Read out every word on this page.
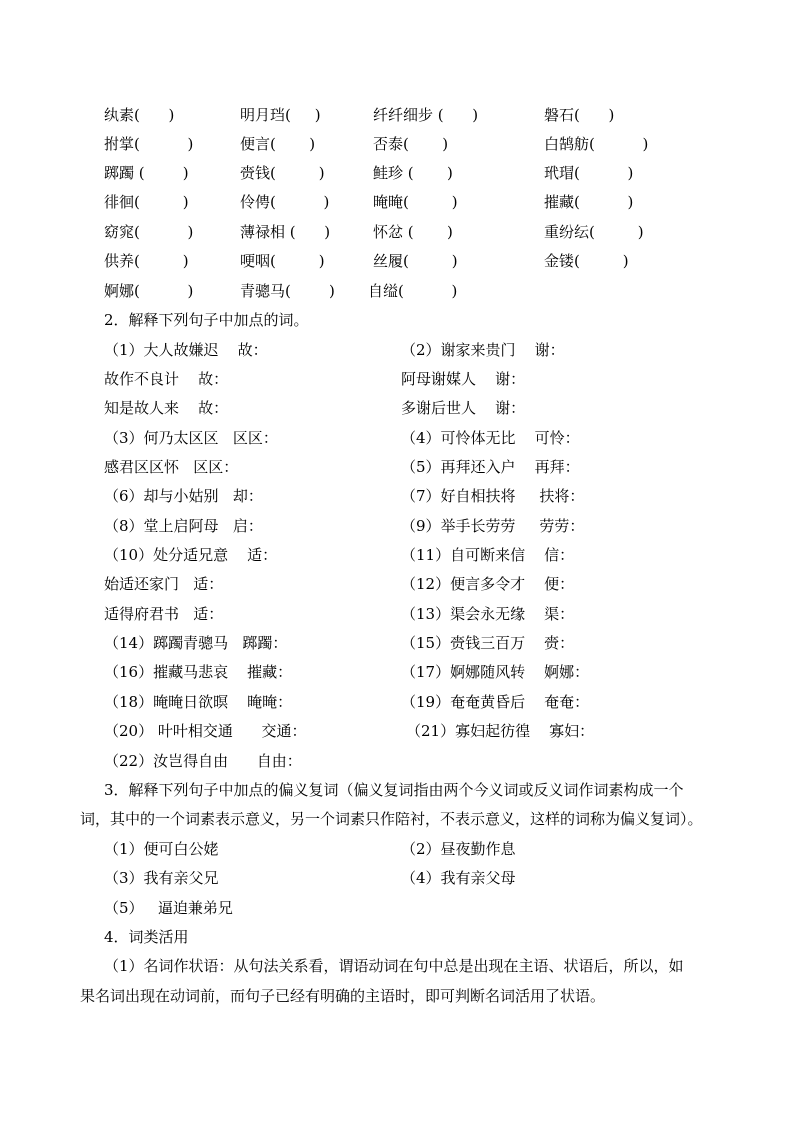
纨素(      )	明月珰(     )	纤纤细步 (      )	磐石(      )
拊掌(          )	便言(       )	否泰(       )	白鹄舫(          )
踯躅 (        )	赍钱(         )	鲑珍 (       )	玳瑁(          )
徘徊(         )	伶俜(          )	晻晻(         )	摧藏(          )
窈窕(          )	薄禄相 (      )	怀忿 (       )	重纷纭(         )
供养(         )	哽咽(         )	丝履(         )	金镂(         )
婀娜(          )	青骢马(        ) 自缢(          )
2．解释下列句子中加点的词。
（1）大人故嫌迟    故：	（2）谢家来贵门    谢：
故作不良计    故：	阿母谢媒人    谢：
知是故人来    故：	多谢后世人    谢：
（3）何乃太区区   区区：	（4）可怜体无比    可怜：
感君区区怀   区区：	（5）再拜还入户    再拜：
（6）却与小姑别   却：	（7）好自相扶将     扶将：
（8）堂上启阿母   启：	（9）举手长劳劳     劳劳：
（10）处分适兄意    适：	（11）自可断来信    信：
始适还家门   适：	（12）便言多令才    便：
适得府君书   适：	（13）渠会永无缘    渠：
（14）踯躅青骢马   踯躅：	（15）赍钱三百万    赍：
（16）摧藏马悲哀    摧藏：	（17）婀娜随风转    婀娜：
（18）晻晻日欲暝    晻晻：	（19）奄奄黄昏后    奄奄：
（20） 叶叶相交通      交通：	（21）寡妇起彷徨    寡妇：
（22）汝岂得自由      自由：
3．解释下列句子中加点的偏义复词（偏义复词指由两个今义词或反义词作词素构成一个
词，其中的一个词素表示意义，另一个词素只作陪衬，不表示意义，这样的词称为偏义复词）。
（1）便可白公姥	（2）昼夜勤作息
（3）我有亲父兄	（4）我有亲父母
（5）   逼迫兼弟兄
4．词类活用
（1）名词作状语：从句法关系看，谓语动词在句中总是出现在主语、状语后，所以，如
果名词出现在动词前，而句子已经有明确的主语时，即可判断名词活用了状语。
